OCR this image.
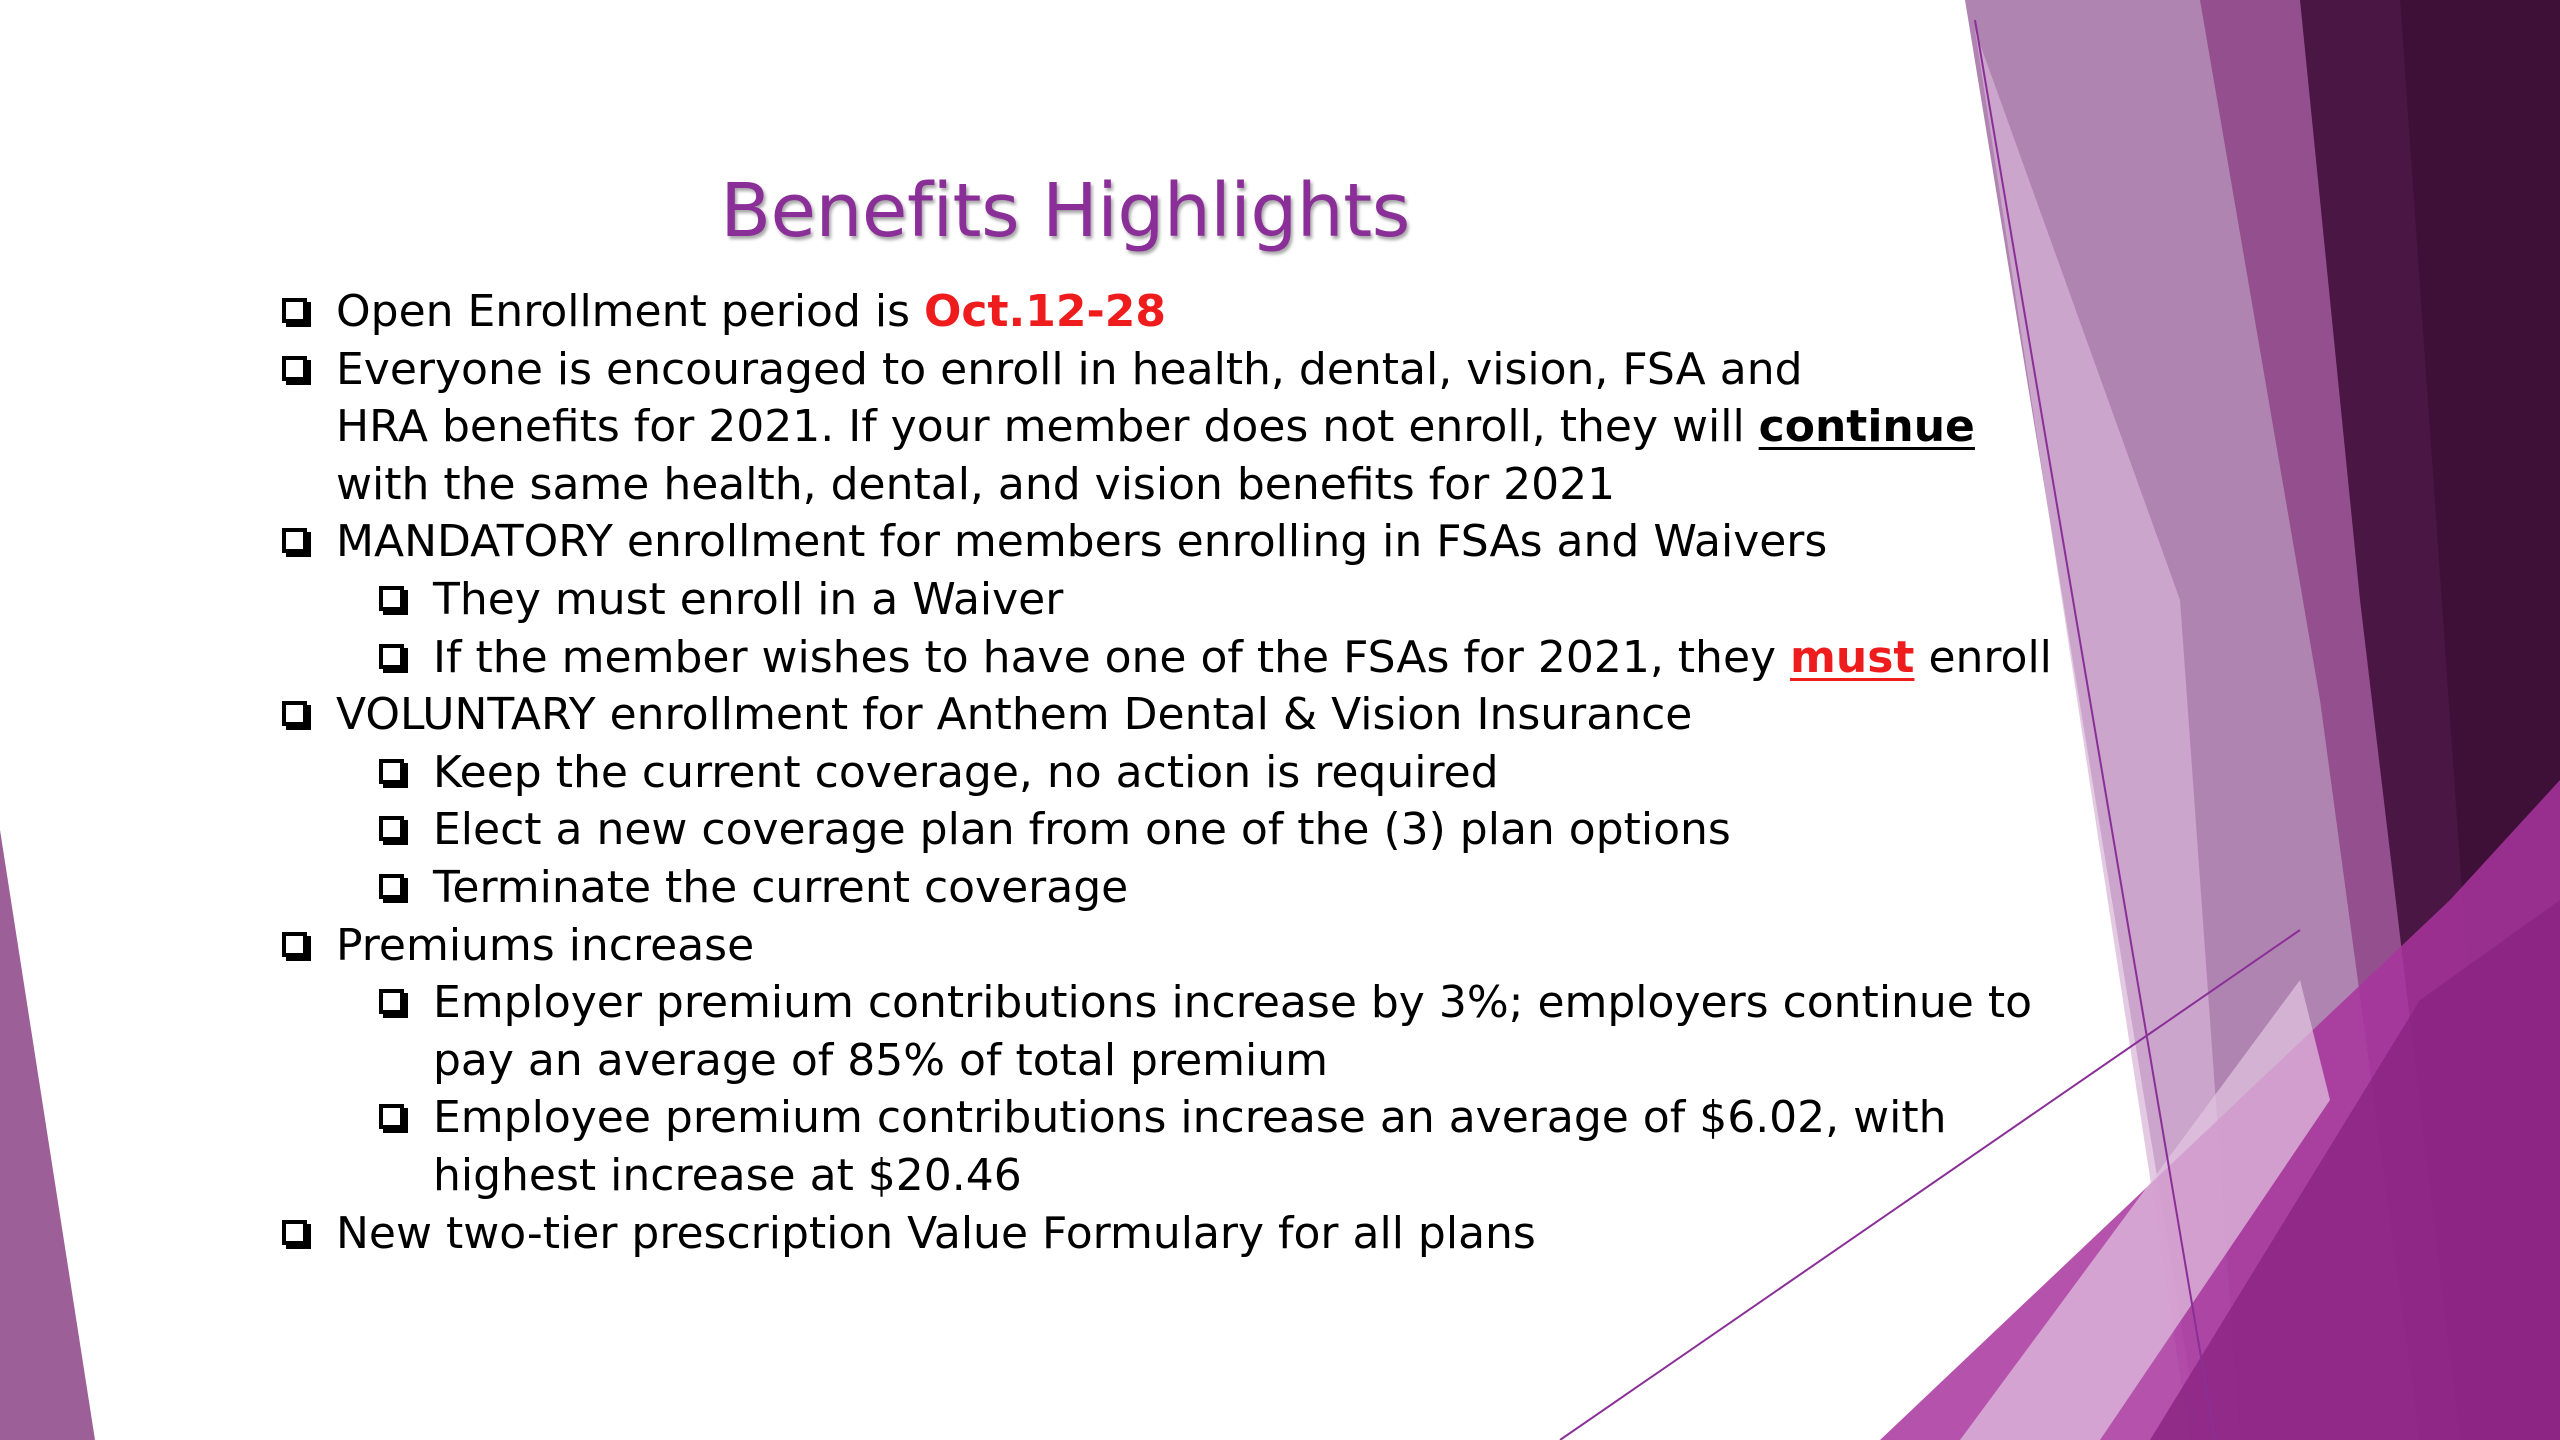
Benefits Highlights
Open Enrollment period is Oct.12-28
Everyone is encouraged to enroll in health, dental, vision, FSA and
HRA benefits for 2021. If your member does not enroll, they will continue
with the same health, dental, and vision benefits for 2021
MANDATORY enrollment for members enrolling in FSAs and Waivers
They must enroll in a Waiver
If the member wishes to have one of the FSAs for 2021, they must enroll
VOLUNTARY enrollment for Anthem Dental & Vision Insurance
Keep the current coverage, no action is required
Elect a new coverage plan from one of the (3) plan options
Terminate the current coverage
Premiums increase
Employer premium contributions increase by 3%; employers continue to
pay an average of 85% of total premium
Employee premium contributions increase an average of $6.02, with
highest increase at $20.46
New two-tier prescription Value Formulary for all plans
